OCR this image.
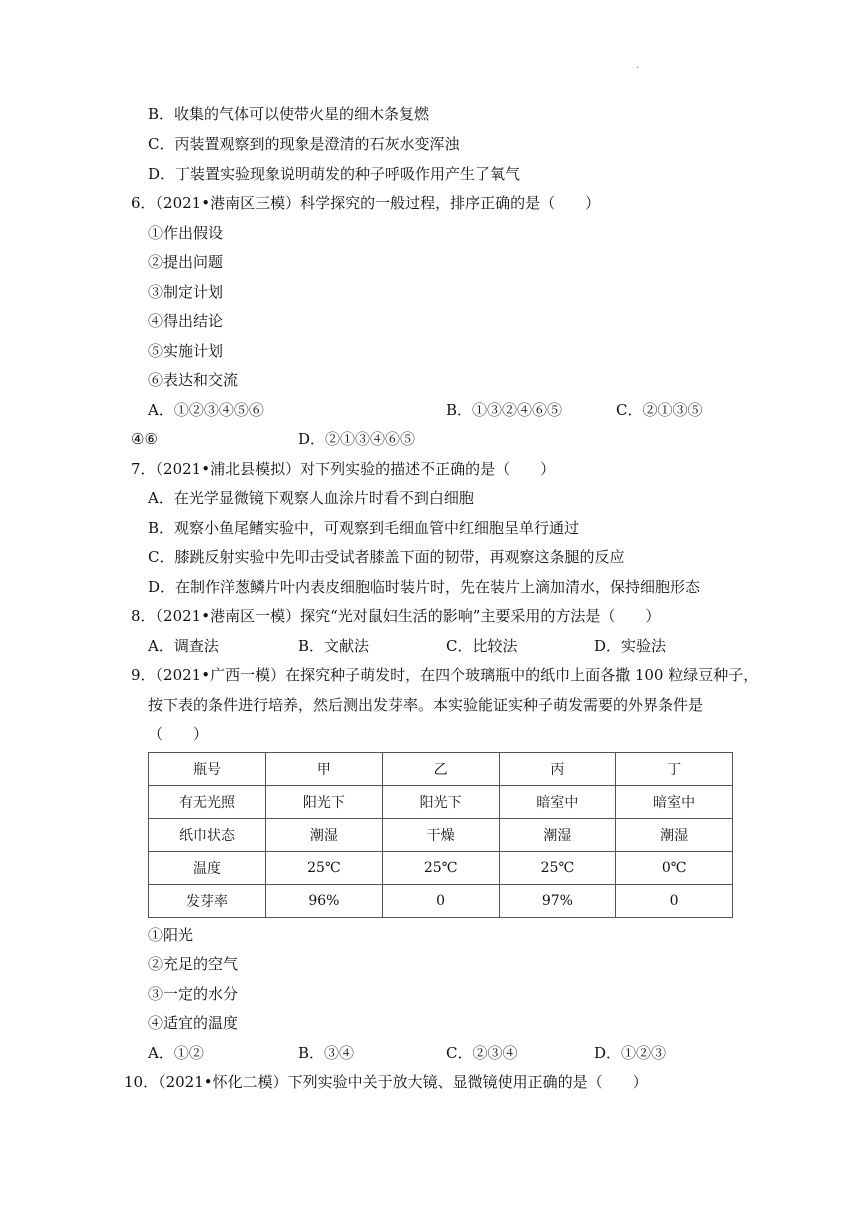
.
B．收集的气体可以使带火星的细木条复燃
C．丙装置观察到的现象是澄清的石灰水变浑浊
D．丁装置实验现象说明萌发的种子呼吸作用产生了氧气
6．（2021•港南区三模）科学探究的一般过程，排序正确的是（　　）
①作出假设
②提出问题
③制定计划
④得出结论
⑤实施计划
⑥表达和交流
A．①②③④⑤⑥	B．①③②④⑥⑤	C．②①③⑤
④⑥	D．②①③④⑥⑤
7．（2021•浦北县模拟）对下列实验的描述不正确的是（　　）
A．在光学显微镜下观察人血涂片时看不到白细胞
B．观察小鱼尾鳍实验中，可观察到毛细血管中红细胞呈单行通过
C．膝跳反射实验中先叩击受试者膝盖下面的韧带，再观察这条腿的反应
D．在制作洋葱鳞片叶内表皮细胞临时装片时，先在装片上滴加清水，保持细胞形态
8．（2021•港南区一模）探究“光对鼠妇生活的影响”主要采用的方法是（　　）
A．调查法	B．文献法	C．比较法	D．实验法
9．（2021•广西一模）在探究种子萌发时，在四个玻璃瓶中的纸巾上面各撒 100 粒绿豆种子，
按下表的条件进行培养，然后测出发芽率。本实验能证实种子萌发需要的外界条件是
（　　）
瓶号	甲	乙	丙	丁
有无光照	阳光下	阳光下	暗室中	暗室中
纸巾状态	潮湿	干燥	潮湿	潮湿
温度	25℃	25℃	25℃	0℃
发芽率	96%	0	97%	0
①阳光
②充足的空气
③一定的水分
④适宜的温度
A．①②	B．③④	C．②③④	D．①②③
10．（2021•怀化二模）下列实验中关于放大镜、显微镜使用正确的是（　　）
